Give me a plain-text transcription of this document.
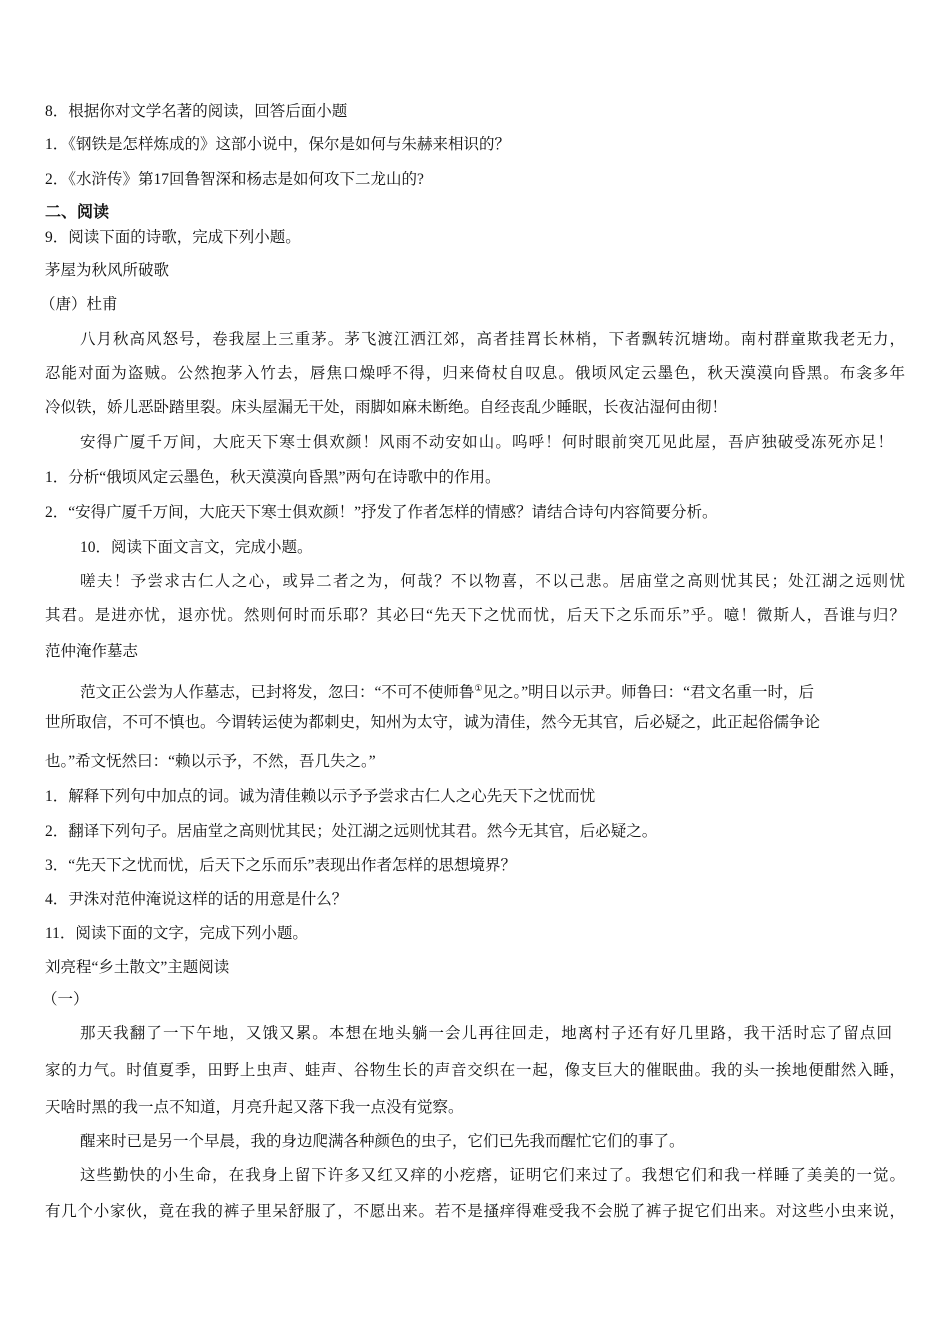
8．根据你对文学名著的阅读，回答后面小题
1．《钢铁是怎样炼成的》这部小说中，保尔是如何与朱赫来相识的？
2．《水浒传》第17回鲁智深和杨志是如何攻下二龙山的?
二、阅读
9．阅读下面的诗歌，完成下列小题。
茅屋为秋风所破歌
（唐）杜甫
八月秋高风怒号，卷我屋上三重茅。茅飞渡江洒江郊，高者挂罥长林梢，下者飘转沉塘坳。南村群童欺我老无力，
忍能对面为盗贼。公然抱茅入竹去，唇焦口燥呼不得，归来倚杖自叹息。俄顷风定云墨色，秋天漠漠向昏黑。布衾多年
冷似铁，娇儿恶卧踏里裂。床头屋漏无干处，雨脚如麻未断绝。自经丧乱少睡眠，长夜沾湿何由彻！
安得广厦千万间，大庇天下寒士俱欢颜！风雨不动安如山。呜呼！何时眼前突兀见此屋，吾庐独破受冻死亦足！
1．分析“俄顷风定云墨色，秋天漠漠向昏黑”两句在诗歌中的作用。
2．“安得广厦千万间，大庇天下寒士俱欢颜！”抒发了作者怎样的情感？请结合诗句内容简要分析。
10．阅读下面文言文，完成小题。
嗟夫！予尝求古仁人之心，或异二者之为，何哉？不以物喜，不以己悲。居庙堂之高则忧其民；处江湖之远则忧
其君。是进亦忧，退亦忧。然则何时而乐耶？其必曰“先天下之忧而忧，后天下之乐而乐”乎。噫！微斯人，吾谁与归？
范仲淹作墓志
范文正公尝为人作墓志，已封将发，忽曰：“不可不使师鲁①见之。”明日以示尹。师鲁曰：“君文名重一时，后
世所取信，不可不慎也。今谓转运使为都刺史，知州为太守，诚为清佳，然今无其官，后必疑之，此正起俗儒争论
也。”希文怃然曰：“赖以示予，不然，吾几失之。”
1．解释下列句中加点的词。诚为清佳赖以示予予尝求古仁人之心先天下之忧而忧
2．翻译下列句子。居庙堂之高则忧其民；处江湖之远则忧其君。然今无其官，后必疑之。
3．“先天下之忧而忧，后天下之乐而乐”表现出作者怎样的思想境界？
4．尹洙对范仲淹说这样的话的用意是什么？
11．阅读下面的文字，完成下列小题。
刘亮程“乡土散文”主题阅读
（一）
那天我翻了一下午地，又饿又累。本想在地头躺一会儿再往回走，地离村子还有好几里路，我干活时忘了留点回
家的力气。时值夏季，田野上虫声、蛙声、谷物生长的声音交织在一起，像支巨大的催眠曲。我的头一挨地便酣然入睡，
天啥时黑的我一点不知道，月亮升起又落下我一点没有觉察。
醒来时已是另一个早晨，我的身边爬满各种颜色的虫子，它们已先我而醒忙它们的事了。
这些勤快的小生命，在我身上留下许多又红又痒的小疙瘩，证明它们来过了。我想它们和我一样睡了美美的一觉。
有几个小家伙，竟在我的裤子里呆舒服了，不愿出来。若不是搔痒得难受我不会脱了裤子捉它们出来。对这些小虫来说，
